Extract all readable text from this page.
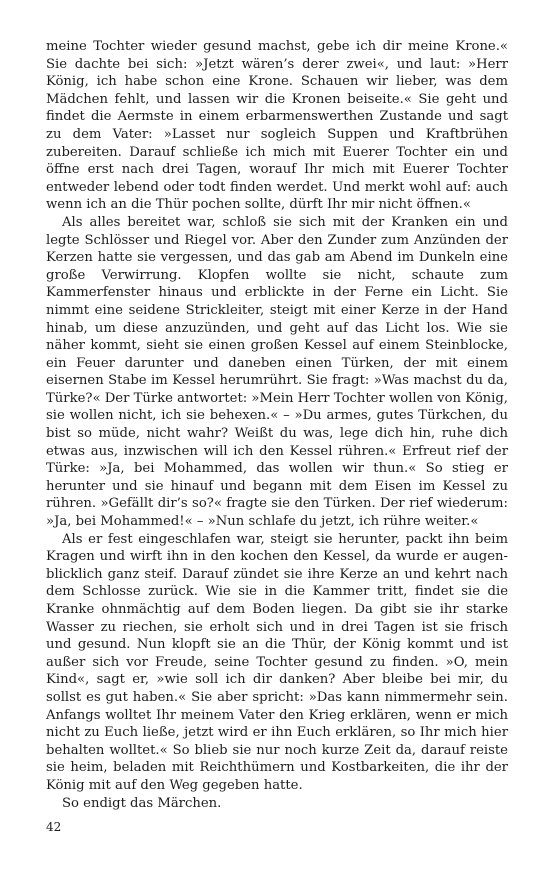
meine Tochter wieder gesund machst, gebe ich dir meine Krone.« Sie dachte bei sich: »Jetzt wären’s derer zwei«, und laut: »Herr König, ich habe schon eine Krone. Schauen wir lieber, was dem Mädchen fehlt, und lassen wir die Kronen beiseite.« Sie geht und findet die Aermste in einem erbarmenswerthen Zustande und sagt zu dem Vater: »Lasset nur sogleich Suppen und Kraftbrühen zubereiten. Darauf schließe ich mich mit Euerer Tochter ein und öffne erst nach drei Tagen, worauf Ihr mich mit Euerer Tochter entweder lebend oder todt finden werdet. Und merkt wohl auf: auch wenn ich an die Thür pochen sollte, dürft Ihr mir nicht öffnen.«

Als alles bereitet war, schloß sie sich mit der Kranken ein und legte Schlösser und Riegel vor. Aber den Zunder zum Anzünden der Kerzen hatte sie vergessen, und das gab am Abend im Dunkeln eine große Verwirrung. Klopfen wollte sie nicht, schaute zum Kammerfenster hinaus und erblickte in der Ferne ein Licht. Sie nimmt eine seidene Strickleiter, steigt mit einer Kerze in der Hand hinab, um diese anzuzünden, und geht auf das Licht los. Wie sie näher kommt, sieht sie einen großen Kessel auf einem Steinblocke, ein Feuer darunter und daneben einen Türken, der mit einem eisernen Stabe im Kessel herumrührt. Sie fragt: »Was machst du da, Türke?« Der Türke antwortet: »Mein Herr Tochter wollen von König, sie wollen nicht, ich sie behexen.« – »Du armes, gutes Türkchen, du bist so müde, nicht wahr? Weißt du was, lege dich hin, ruhe dich etwas aus, inzwischen will ich den Kessel rühren.« Erfreut rief der Türke: »Ja, bei Mohammed, das wollen wir thun.« So stieg er herunter und sie hinauf und begann mit dem Eisen im Kessel zu rühren. »Gefällt dir’s so?« fragte sie den Türken. Der rief wiederum: »Ja, bei Mohammed!« – »Nun schlafe du jetzt, ich rühre weiter.«

Als er fest eingeschlafen war, steigt sie herunter, packt ihn beim Kragen und wirft ihn in den kochen den Kessel, da wurde er augenblicklich ganz steif. Darauf zündet sie ihre Kerze an und kehrt nach dem Schlosse zurück. Wie sie in die Kammer tritt, findet sie die Kranke ohnmächtig auf dem Boden liegen. Da gibt sie ihr starke Wasser zu riechen, sie erholt sich und in drei Tagen ist sie frisch und gesund. Nun klopft sie an die Thür, der König kommt und ist außer sich vor Freude, seine Tochter gesund zu finden. »O, mein Kind«, sagt er, »wie soll ich dir danken? Aber bleibe bei mir, du sollst es gut haben.« Sie aber spricht: »Das kann nimmermehr sein. Anfangs wolltet Ihr meinem Vater den Krieg erklären, wenn er mich nicht zu Euch ließe, jetzt wird er ihn Euch erklären, so Ihr mich hier behalten wolltet.« So blieb sie nur noch kurze Zeit da, darauf reiste sie heim, beladen mit Reichthümern und Kostbarkeiten, die ihr der König mit auf den Weg gegeben hatte.

So endigt das Märchen.

42
